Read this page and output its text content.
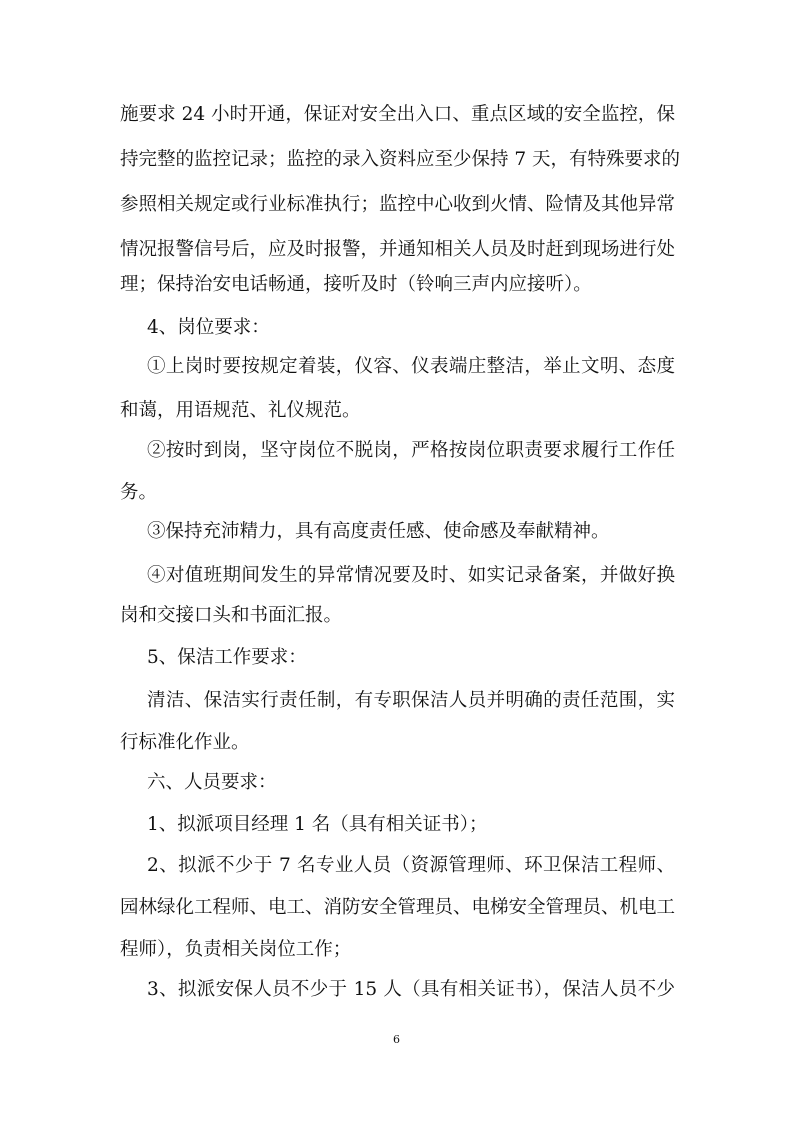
施要求 24 小时开通，保证对安全出入口、重点区域的安全监控，保
持完整的监控记录；监控的录入资料应至少保持 7 天，有特殊要求的
参照相关规定或行业标准执行；监控中心收到火情、险情及其他异常
情况报警信号后，应及时报警，并通知相关人员及时赶到现场进行处
理；保持治安电话畅通，接听及时（铃响三声内应接听）。
4、岗位要求：
①上岗时要按规定着装，仪容、仪表端庄整洁，举止文明、态度
和蔼，用语规范、礼仪规范。
②按时到岗，坚守岗位不脱岗，严格按岗位职责要求履行工作任
务。
③保持充沛精力，具有高度责任感、使命感及奉献精神。
④对值班期间发生的异常情况要及时、如实记录备案，并做好换
岗和交接口头和书面汇报。
5、保洁工作要求：
清洁、保洁实行责任制，有专职保洁人员并明确的责任范围，实
行标准化作业。
六、人员要求：
1、拟派项目经理 1 名（具有相关证书）；
2、拟派不少于 7 名专业人员（资源管理师、环卫保洁工程师、
园林绿化工程师、电工、消防安全管理员、电梯安全管理员、机电工
程师），负责相关岗位工作；
3、拟派安保人员不少于 15 人（具有相关证书），保洁人员不少
6
